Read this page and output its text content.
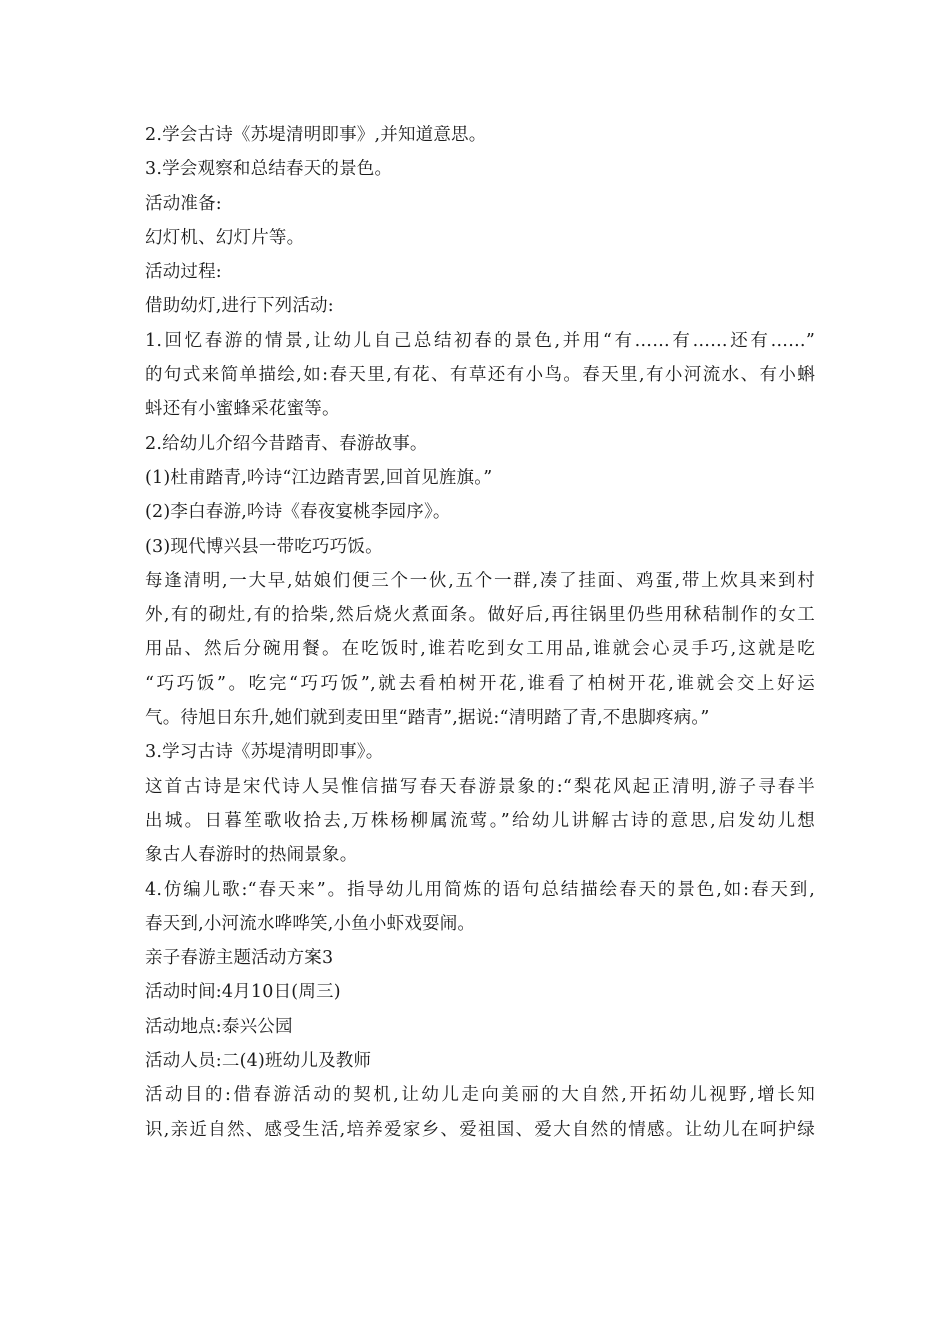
2.学会古诗《苏堤清明即事》,并知道意思。
3.学会观察和总结春天的景色。
活动准备:
幻灯机、幻灯片等。
活动过程:
借助幼灯,进行下列活动:
1.回忆春游的情景,让幼儿自己总结初春的景色,并用“有……有……还有……”
的句式来简单描绘,如:春天里,有花、有草还有小鸟。春天里,有小河流水、有小蝌
蚪还有小蜜蜂采花蜜等。
2.给幼儿介绍今昔踏青、春游故事。
(1)杜甫踏青,吟诗“江边踏青罢,回首见旌旗。”
(2)李白春游,吟诗《春夜宴桃李园序》。
(3)现代博兴县一带吃巧巧饭。
每逢清明,一大早,姑娘们便三个一伙,五个一群,凑了挂面、鸡蛋,带上炊具来到村
外,有的砌灶,有的拾柴,然后烧火煮面条。做好后,再往锅里仍些用秫秸制作的女工
用品、然后分碗用餐。在吃饭时,谁若吃到女工用品,谁就会心灵手巧,这就是吃
“巧巧饭”。吃完“巧巧饭”,就去看柏树开花,谁看了柏树开花,谁就会交上好运
气。待旭日东升,她们就到麦田里“踏青”,据说:“清明踏了青,不患脚疼病。”
3.学习古诗《苏堤清明即事》。
这首古诗是宋代诗人吴惟信描写春天春游景象的:“梨花风起正清明,游子寻春半
出城。日暮笙歌收拾去,万株杨柳属流莺。”给幼儿讲解古诗的意思,启发幼儿想
象古人春游时的热闹景象。
4.仿编儿歌:“春天来”。指导幼儿用简炼的语句总结描绘春天的景色,如:春天到,
春天到,小河流水哗哗笑,小鱼小虾戏耍闹。
亲子春游主题活动方案3
活动时间:4月10日(周三)
活动地点:泰兴公园
活动人员:二(4)班幼儿及教师
活动目的:借春游活动的契机,让幼儿走向美丽的大自然,开拓幼儿视野,增长知
识,亲近自然、感受生活,培养爱家乡、爱祖国、爱大自然的情感。让幼儿在呵护绿
